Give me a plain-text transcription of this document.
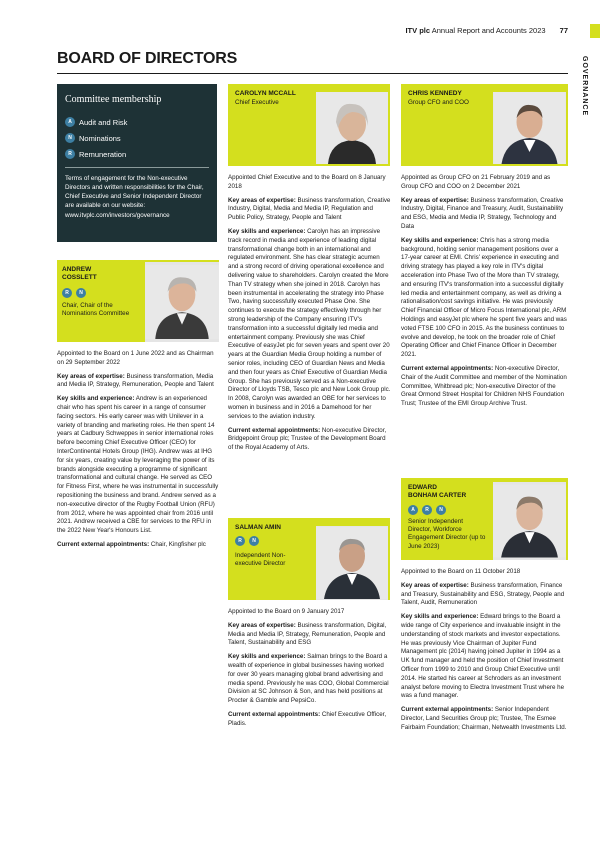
ITV plc Annual Report and Accounts 2023 77
GOVERNANCE
BOARD OF DIRECTORS
Committee membership
A Audit and Risk
N Nominations
R Remuneration
Terms of engagement for the Non-executive Directors and written responsibilities for the Chair, Chief Executive and Senior Independent Director are available on our website: www.itvplc.com/investors/governance
CAROLYN MCCALL
Chief Executive
CHRIS KENNEDY
Group CFO and COO
ANDREW
COSSLETT
R	N
Chair, Chair of the Nominations Committee
SALMAN AMIN
R	N
Independent Non-executive Director
EDWARD
BONHAM CARTER
A	R	N
Senior Independent Director, Workforce Engagement Director (up to June 2023)

Appointed to the Board on 1 June 2022 and as Chairman on 29 September 2022

Key areas of expertise: Business transformation, Media and Media IP, Strategy, Remuneration, People and Talent

Key skills and experience: Andrew is an experienced chair who has spent his career in a range of consumer facing sectors. His early career was with Unilever in a variety of branding and marketing roles. He then spent 14 years at Cadbury Schweppes in senior international roles before becoming Chief Executive Officer (CEO) for InterContinental Hotels Group (IHG). Andrew was at IHG for six years, creating value by leveraging the power of its brands alongside executing a programme of significant transformational and cultural change. He served as CEO for Fitness First, where he was instrumental in successfully repositioning the business and brand. Andrew served as a non-executive director of the Rugby Football Union (RFU) from 2012, where he was appointed chair from 2016 until 2021. Andrew received a CBE for services to the RFU in the 2022 New Year's Honours List.

Current external appointments: Chair, Kingfisher plc

Appointed Chief Executive and to the Board on 8 January 2018

Key areas of expertise: Business transformation, Creative Industry, Digital, Media and Media IP, Regulation and Public Policy, Strategy, People and Talent

Key skills and experience: Carolyn has an impressive track record in media and experience of leading digital transformational change both in an international and regulated environment. She has clear strategic acumen and a strong record of driving operational excellence and delivering value to shareholders. Carolyn created the More Than TV strategy when she joined in 2018. Carolyn has been instrumental in accelerating the strategy into Phase Two, having successfully executed Phase One. She continues to execute the strategy effectively through her strong leadership of the Company ensuring ITV's transformation into a successful digitally led media and entertainment company. Previously she was Chief Executive of easyJet plc for seven years and spent over 20 years at the Guardian Media Group holding a number of senior roles, including CEO of Guardian News and Media and then four years as Chief Executive of Guardian Media Group. She has previously served as a Non-executive Director of Lloyds TSB, Tesco plc and New Look Group plc. In 2008, Carolyn was awarded an OBE for her services to women in business and in 2016 a Damehood for her services to the aviation industry.

Current external appointments: Non-executive Director, Bridgepoint Group plc; Trustee of the Development Board of the Royal Academy of Arts.

Appointed as Group CFO on 21 February 2019 and as Group CFO and COO on 2 December 2021

Key areas of expertise: Business transformation, Creative Industry, Digital, Finance and Treasury, Audit, Sustainability and ESG, Media and Media IP, Strategy, Technology and Data

Key skills and experience: Chris has a strong media background, holding senior management positions over a 17-year career at EMI. Chris' experience in executing and driving strategy has played a key role in ITV's digital acceleration into Phase Two of the More than TV strategy, and ensuring ITV's transformation into a successful digitally led media and entertainment company, as well as driving a rationalisation/cost savings initiative. He was previously Chief Financial Officer of Micro Focus International plc, ARM Holdings and easyJet plc where he spent five years and was voted FTSE 100 CFO in 2015. As the business continues to evolve and develop, he took on the broader role of Chief Operating Officer and Chief Finance Officer in December 2021.

Current external appointments: Non-executive Director, Chair of the Audit Committee and member of the Nomination Committee, Whitbread plc; Non-executive Director of the Great Ormond Street Hospital for Children NHS Foundation Trust; Trustee of the EMI Group Archive Trust.

Appointed to the Board on 9 January 2017

Key areas of expertise: Business transformation, Digital, Media and Media IP, Strategy, Remuneration, People and Talent, Sustainability and ESG

Key skills and experience: Salman brings to the Board a wealth of experience in global businesses having worked for over 30 years managing global brand advertising and media spend. Previously he was COO, Global Commercial Division at SC Johnson & Son, and has held positions at Procter & Gamble and PepsiCo.

Current external appointments: Chief Executive Officer, Pladis.

Appointed to the Board on 11 October 2018

Key areas of expertise: Business transformation, Finance and Treasury, Sustainability and ESG, Strategy, People and Talent, Audit, Remuneration

Key skills and experience: Edward brings to the Board a wide range of City experience and invaluable insight in the understanding of stock markets and investor expectations. He was previously Vice Chairman of Jupiter Fund Management plc (2014) having joined Jupiter in 1994 as a UK fund manager and held the position of Chief Investment Officer from 1999 to 2010 and Group Chief Executive until 2014. He started his career at Schroders as an investment analyst before moving to Electra Investment Trust where he was a fund manager.

Current external appointments: Senior Independent Director, Land Securities Group plc; Trustee, The Esmee Fairbairn Foundation; Chairman, Netwealth Investments Ltd.
